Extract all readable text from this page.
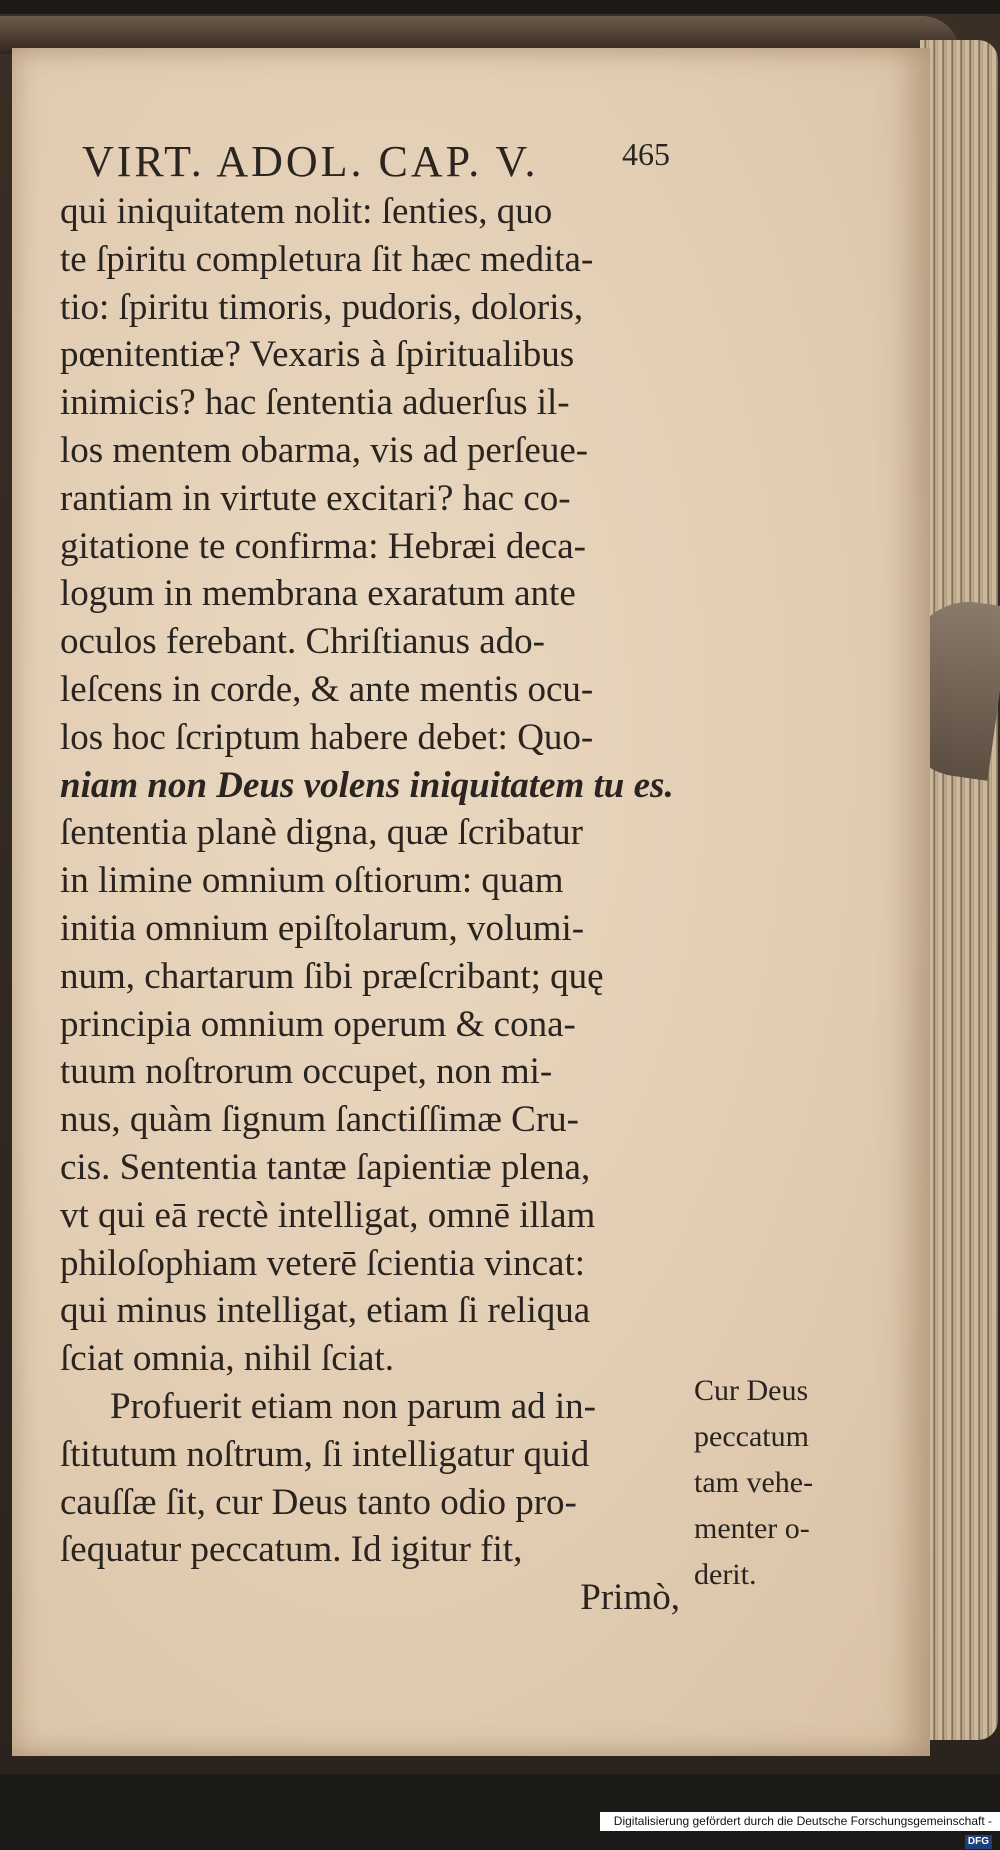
VIRT. ADOL. CAP. V.	465
qui iniquitatem nolit: ſenties, quo
te ſpiritu completura ſit hæc medita-
tio: ſpiritu timoris, pudoris, doloris,
pœnitentiæ? Vexaris à ſpiritualibus
inimicis? hac ſententia aduerſus il-
los mentem obarma, vis ad perſeue-
rantiam in virtute excitari? hac co-
gitatione te confirma: Hebræi deca-
logum in membrana exaratum ante
oculos ferebant. Chriſtianus ado-
leſcens in corde, & ante mentis ocu-
los hoc ſcriptum habere debet: Quo-
niam non Deus volens iniquitatem tu es.
ſententia planè digna, quæ ſcribatur
in limine omnium oſtiorum: quam
initia omnium epiſtolarum, volumi-
num, chartarum ſibi præſcribant; quę
principia omnium operum & cona-
tuum noſtrorum occupet, non mi-
nus, quàm ſignum ſanctiſſimæ Cru-
cis. Sententia tantæ ſapientiæ plena,
vt qui eā rectè intelligat, omnē illam
philoſophiam veterē ſcientia vincat:
qui minus intelligat, etiam ſi reliqua
ſciat omnia, nihil ſciat.
Profuerit etiam non parum ad in-
ſtitutum noſtrum, ſi intelligatur quid
cauſſæ ſit, cur Deus tanto odio pro-
ſequatur peccatum. Id igitur fit,
Primò,
Cur Deus
peccatum
tam vehe-
menter o-
derit.
Digitalisierung gefördert durch die Deutsche Forschungsgemeinschaft - DFG
